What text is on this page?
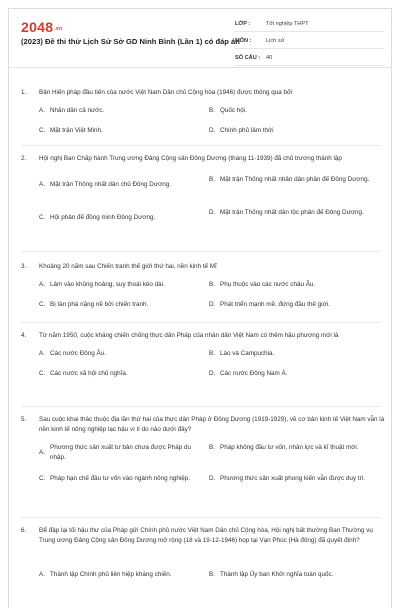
2048.vn
(2023) Đề thi thử Lịch Sử Sở GD Ninh Bình (Lần 1) có đáp án
LỚP :	Tốt nghiệp THPT
MÔN :	Lịch sử
SỐ CÂU : 40
1.	Bản Hiến pháp đầu tiên của nước Việt Nam Dân chủ Cộng hòa (1946) được thông qua bởi
A. Nhân dân cả nước.	B. Quốc hội.
C. Mặt trận Việt Minh.	D. Chính phủ lâm thời
2.	Hội nghị Ban Chấp hành Trung ương Đảng Cộng sản Đông Dương (tháng 11-1939) đã chủ trương thành lập
A. Mặt trận Thống nhất dân chủ Đông Dương.
B. Mặt trận Thống nhất nhân dân phản đế Đông Dương.
C. Hội phản đế đồng minh Đông Dương.
D. Mặt trận Thống nhất dân tộc phản đế Đông Dương.
3.	Khoảng 20 năm sau Chiến tranh thế giới thứ hai, nền kinh tế Mĩ
A. Lâm vào khủng hoảng, suy thoái kéo dài.	B. Phụ thuộc vào các nước châu Âu.
C. Bị tàn phá nặng nề bởi chiến tranh.	D. Phát triển mạnh mẽ, đứng đầu thế giới.
4.	Từ năm 1950, cuộc kháng chiến chống thực dân Pháp của nhân dân Việt Nam có thêm hậu phương mới là
A. Các nước Đông Âu.	B. Lào và Campuchia.
C. Các nước xã hội chủ nghĩa.	D. Các nước Đông Nam Á.
5.	Sau cuộc khai thác thuộc địa lần thứ hai của thực dân Pháp ở Đông Dương (1919-1929), về cơ bản kinh tế Việt Nam vẫn là nền kinh tế nông nghiệp lạc hậu vì lí do nào dưới đây?
A.
Phương thức sản xuất tư bản chưa được Pháp du nhập.
B. Pháp không đầu tư vốn, nhân lực và kĩ thuật mới.
C. Pháp hạn chế đầu tư vốn vào ngành nông nghiệp.	D. Phương thức sản xuất phong kiến vẫn được duy trì.
6.	Để đập lại tối hậu thư của Pháp gửi Chính phủ nước Việt Nam Dân chủ Cộng hòa, Hội nghị bất thường Ban Thường vụ Trung ương Đảng Cộng sản Đông Dương mở rộng (18 và 19-12-1946) họp tại Vạn Phúc (Hà đông) đã quyết định?
A. Thành lập Chính phủ liên hiệp kháng chiến.	B. Thành lập Ủy ban Khởi nghĩa toàn quốc.
